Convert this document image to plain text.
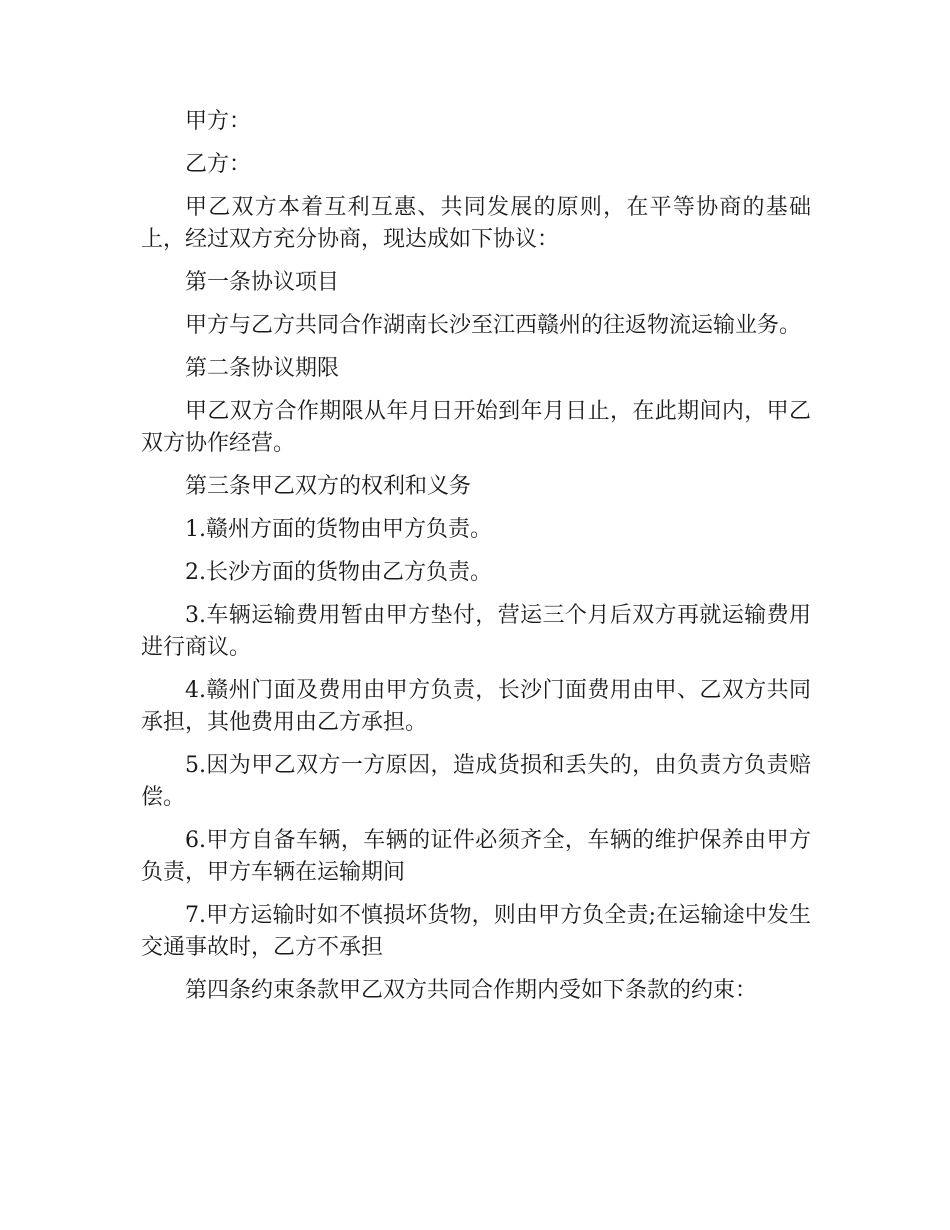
甲方：

乙方：

甲乙双方本着互利互惠、共同发展的原则，在平等协商的基础上，经过双方充分协商，现达成如下协议：

第一条协议项目

甲方与乙方共同合作湖南长沙至江西赣州的往返物流运输业务。

第二条协议期限

甲乙双方合作期限从年月日开始到年月日止，在此期间内，甲乙双方协作经营。

第三条甲乙双方的权利和义务

1.赣州方面的货物由甲方负责。

2.长沙方面的货物由乙方负责。

3.车辆运输费用暂由甲方垫付，营运三个月后双方再就运输费用进行商议。

4.赣州门面及费用由甲方负责，长沙门面费用由甲、乙双方共同承担，其他费用由乙方承担。

5.因为甲乙双方一方原因，造成货损和丢失的，由负责方负责赔偿。

6.甲方自备车辆，车辆的证件必须齐全，车辆的维护保养由甲方负责，甲方车辆在运输期间

7.甲方运输时如不慎损坏货物，则由甲方负全责;在运输途中发生交通事故时，乙方不承担

第四条约束条款甲乙双方共同合作期内受如下条款的约束：
